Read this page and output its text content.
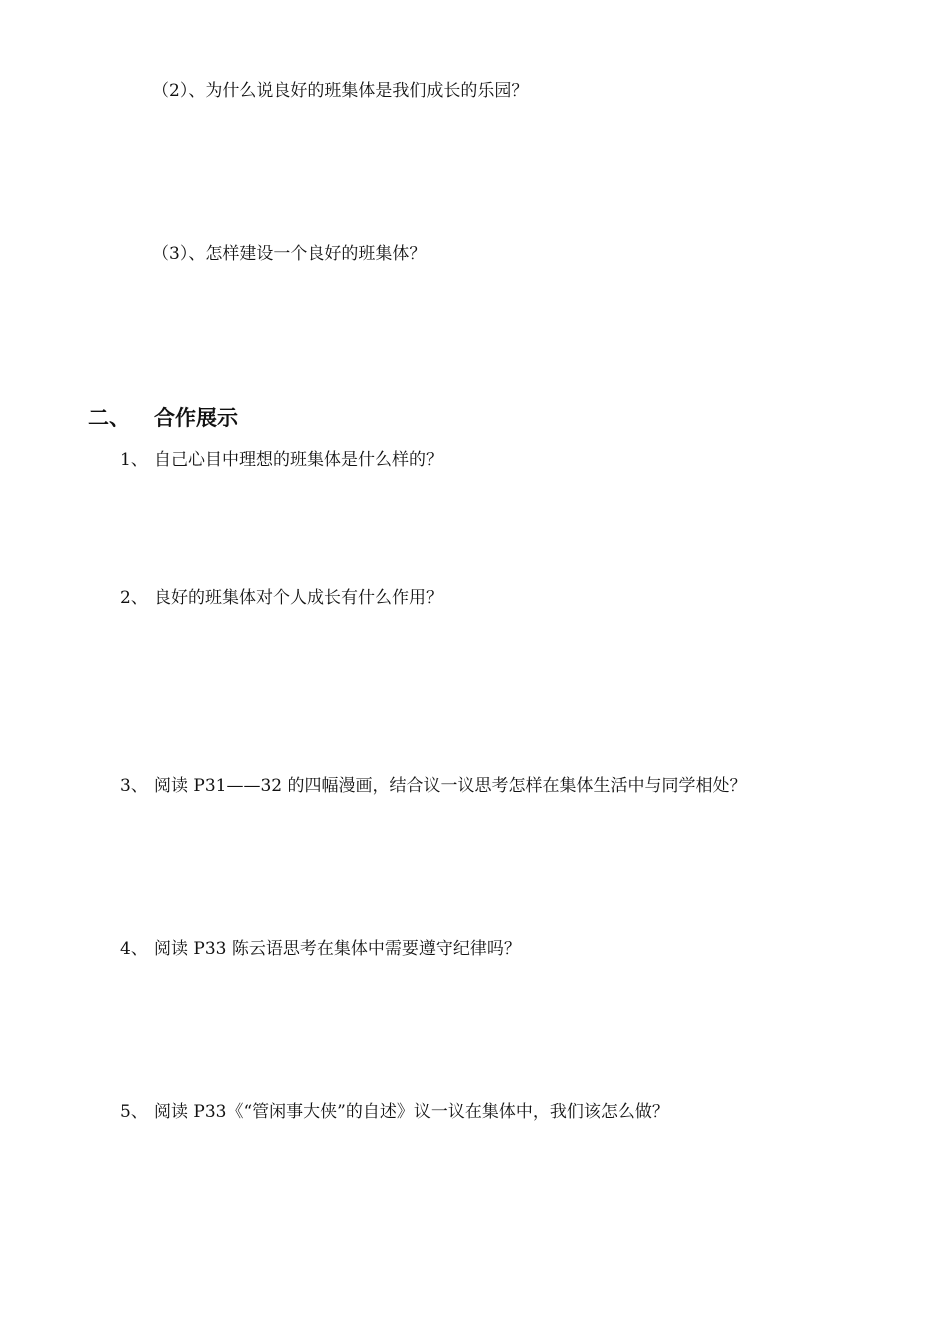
（2）、为什么说良好的班集体是我们成长的乐园？
（3）、怎样建设一个良好的班集体？
二、 合作展示
1、 自己心目中理想的班集体是什么样的？
2、 良好的班集体对个人成长有什么作用？
3、 阅读 P31——32 的四幅漫画，结合议一议思考怎样在集体生活中与同学相处？
4、 阅读 P33 陈云语思考在集体中需要遵守纪律吗？
5、 阅读 P33《“管闲事大侠”的自述》议一议在集体中，我们该怎么做？
